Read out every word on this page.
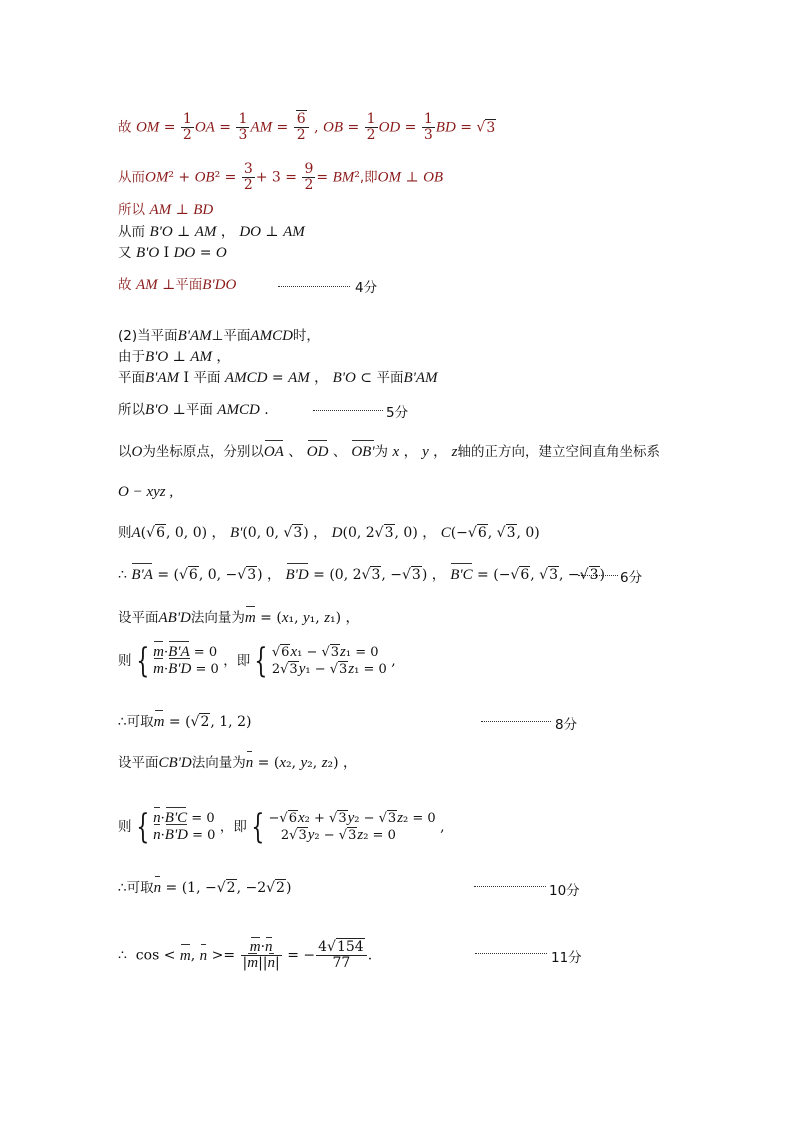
故 OM = $\frac{1}{2}$ OA = $\frac{1}{3}$ AM = $\frac{6}{2}$ , OB = $\frac{1}{2}$ OD = $\frac{1}{3}$ BD = √3
从而$OM^2 + OB^2 = \frac{3}{2} + 3 = \frac{9}{2} = BM^2$,即OM ⊥ OB
所以 AM ⊥ BD
从而 B'O ⊥ AM ， DO ⊥ AM
又 B'O I DO = O
故 AM ⊥平面B'DO	4分
(2)当平面B'AM⊥平面AMCD时，
由于B'O ⊥ AM ，
平面B'AM I 平面 AMCD = AM ， B'O ⊂ 平面B'AM
所以B'O ⊥平面 AMCD .	5分
以O为坐标原点，分别以OA 、 OD 、 OB'为 x ， y ， z轴的正方向，建立空间直角坐标系
O − xyz ,
则A(√6, 0, 0) ， B'(0, 0, √3) ， D(0, 2√3, 0) ， C(−√6, √3, 0)
∴ B'A = (√6, 0, −√3) ， B'D = (0, 2√3, −√3) ， B'C = (−√6, √3, −√3) 6分
设平面AB'D法向量为m = (x₁, y₁, z₁) ，
则 { m·B'A = 0
m·B'D = 0
，即 { √6x₁ − √3z₁ = 0
2√3y₁ − √3z₁ = 0
,
∴可取m = (√2, 1, 2)	8分
设平面CB'D法向量为n = (x₂, y₂, z₂) ，
则 { n·B'C = 0
n·B'D = 0
，即 { −√6x₂ + √3y₂ − √3z₂ = 0
2√3y₂ − √3z₂ = 0
,
∴可取n = (1, −√2, −2√2)	10分
∴  cos < m, $n >= \frac{m\cdot n}{|m||n|}$ = − $\frac{4√154}{77}$ .	11分
